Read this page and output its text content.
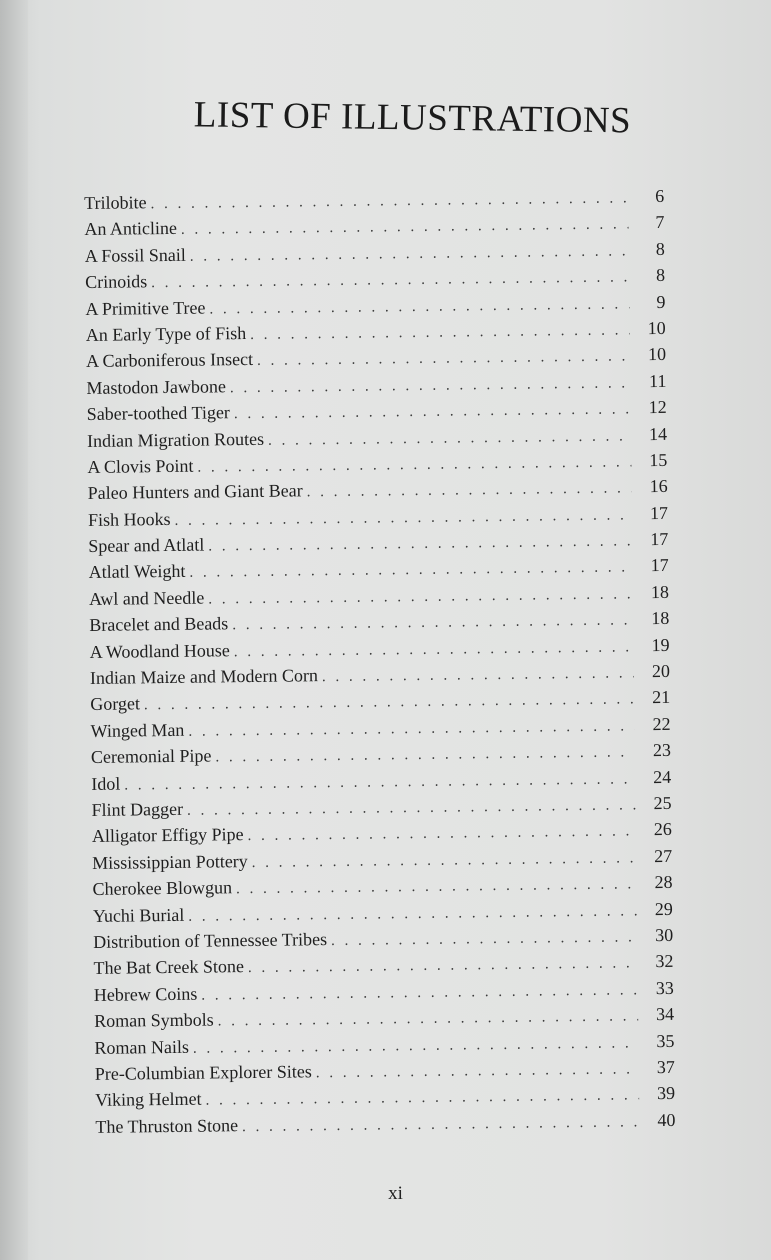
LIST OF ILLUSTRATIONS
Trilobite . . .	6
An Anticline . . .	7
A Fossil Snail . . .	8
Crinoids . . .	8
A Primitive Tree . . .	9
An Early Type of Fish . . .	10
A Carboniferous Insect . . .	10
Mastodon Jawbone . . .	11
Saber-toothed Tiger . . .	12
Indian Migration Routes . . .	14
A Clovis Point . . .	15
Paleo Hunters and Giant Bear . . .	16
Fish Hooks . . .	17
Spear and Atlatl . . .	17
Atlatl Weight . . .	17
Awl and Needle . . .	18
Bracelet and Beads . . .	18
A Woodland House . . .	19
Indian Maize and Modern Corn . . .	20
Gorget . . .	21
Winged Man . . .	22
Ceremonial Pipe . . .	23
Idol . . .	24
Flint Dagger . . .	25
Alligator Effigy Pipe . . .	26
Mississippian Pottery . . .	27
Cherokee Blowgun . . .	28
Yuchi Burial . . .	29
Distribution of Tennessee Tribes . . .	30
The Bat Creek Stone . . .	32
Hebrew Coins . . .	33
Roman Symbols . . .	34
Roman Nails . . .	35
Pre-Columbian Explorer Sites . . .	37
Viking Helmet . . .	39
The Thruston Stone . . .	40
xi
